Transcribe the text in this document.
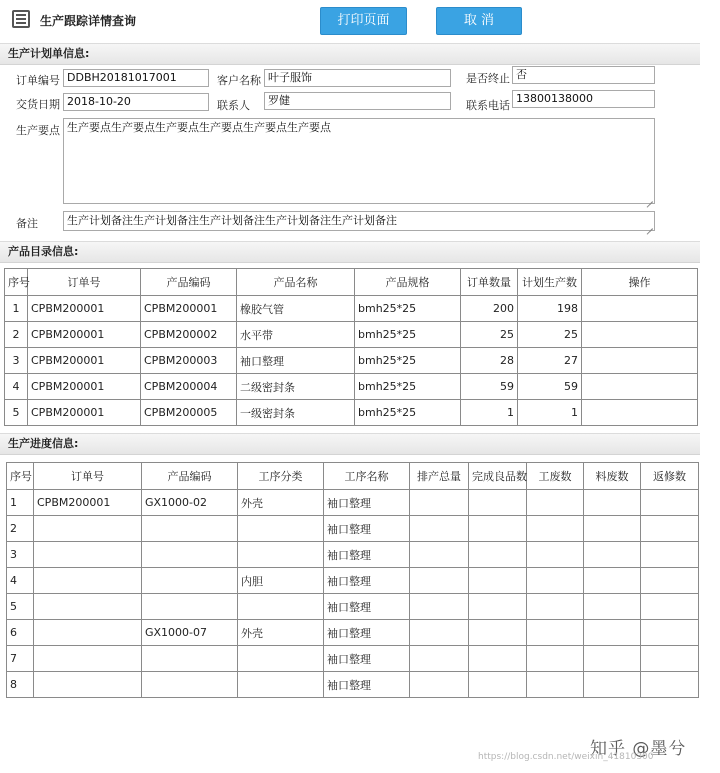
生产跟踪详情查询	打印页面	取 消
生产计划单信息:
订单编号 DDBH20181017001	客户名称 叶子服饰	是否终止 否
交货日期 2018-10-20	联系人	罗健	联系电话
13800138000
生产要点 生产要点生产要点生产要点生产要点生产要点生产要点
备注	生产计划备注生产计划备注生产计划备注生产计划备注生产计划备注
产品目录信息:
序号	订单号	产品编码	产品名称	产品规格	订单数量	计划生产数	操作
1	CPBM200001	CPBM200001	橡胶气管	bmh25*25	200	198	
2	CPBM200001	CPBM200002	水平带	bmh25*25	25	25	
3	CPBM200001	CPBM200003	袖口整理	bmh25*25	28	27	
4	CPBM200001	CPBM200004	二级密封条	bmh25*25	59	59	
5	CPBM200001	CPBM200005	一级密封条	bmh25*25	1	1	
生产进度信息:
序号	订单号	产品编码	工序分类	工序名称	排产总量	完成良品数	工废数	料废数	返修数
1	CPBM200001	GX1000-02	外壳	袖口整理					
2				袖口整理					
3				袖口整理					
4			内胆	袖口整理					
5				袖口整理					
6		GX1000-07	外壳	袖口整理					
7				袖口整理					
8				袖口整理					
知乎 @墨兮
https://blog.csdn.net/weixin_41810300
